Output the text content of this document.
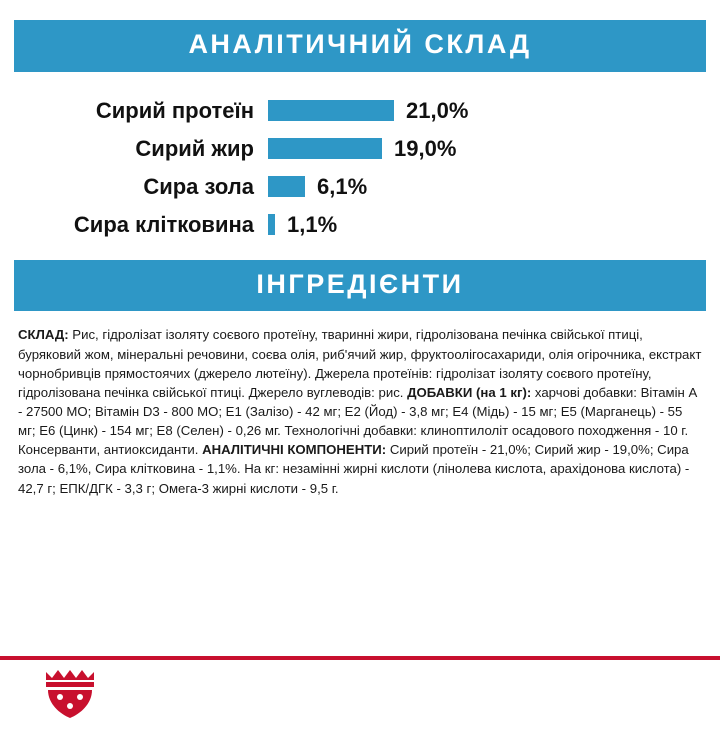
АНАЛІТИЧНИЙ СКЛАД
Сирий протеїн	21,0%
Сирий жир	19,0%
Сира зола	6,1%
Сира клітковина	1,1%
ІНГРЕДІЄНТИ

СКЛАД: Рис, гідролізат ізоляту соєвого протеїну, тваринні жири, гідролізована печінка свійської птиці, буряковий жом, мінеральні речовини, соєва олія, риб'ячий жир, фруктоолігосахариди, олія огірочника, екстракт чорнобривців прямостоячих (джерело лютеїну). Джерела протеїнів: гідролізат ізоляту соєвого протеїну, гідролізована печінка свійської птиці. Джерело вуглеводів: рис. ДОБАВКИ (на 1 кг): харчові добавки: Вітамін А - 27500 МО; Вітамін D3 - 800 МО; Е1 (Залізо) - 42 мг; Е2 (Йод) - 3,8 мг; Е4 (Мідь) - 15 мг; Е5 (Марганець) - 55 мг; Е6 (Цинк) - 154 мг; Е8 (Селен) - 0,26 мг. Технологічні добавки: клиноптилоліт осадового походження - 10 г. Консерванти, антиоксиданти. АНАЛІТИЧНІ КОМПОНЕНТИ: Сирий протеїн - 21,0%; Сирий жир - 19,0%; Сира зола - 6,1%, Сира клітковина - 1,1%. На кг: незамінні жирні кислоти (лінолева кислота, арахідонова кислота) - 42,7 г; ЕПК/ДГК - 3,3 г; Омега-3 жирні кислоти - 9,5 г.
